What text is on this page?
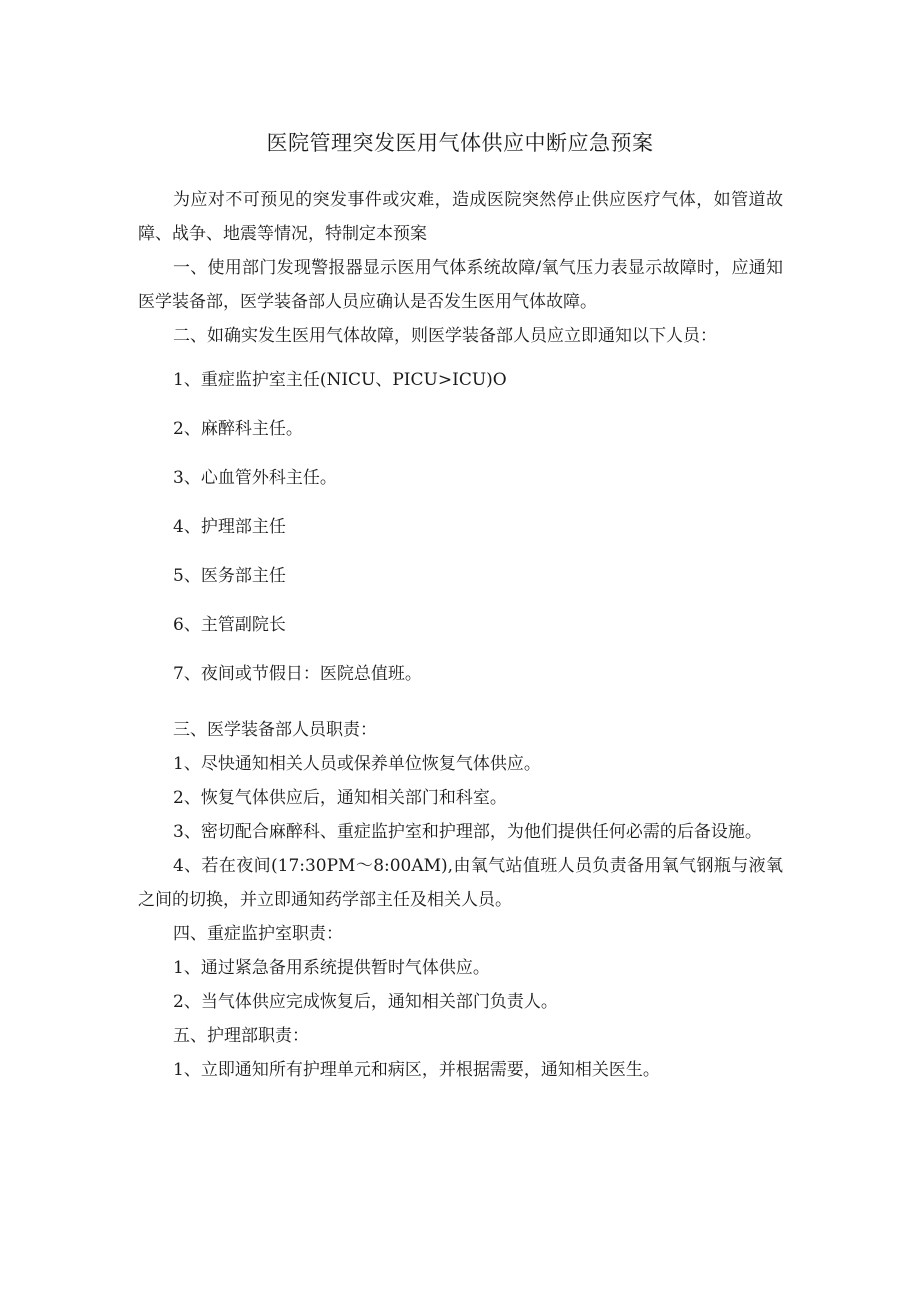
医院管理突发医用气体供应中断应急预案

为应对不可预见的突发事件或灾难，造成医院突然停止供应医疗气体，如管道故障、战争、地震等情况，特制定本预案

一、使用部门发现警报器显示医用气体系统故障/氧气压力表显示故障时，应通知医学装备部，医学装备部人员应确认是否发生医用气体故障。

二、如确实发生医用气体故障，则医学装备部人员应立即通知以下人员：

1、重症监护室主任(NICU、PICU>ICU)O

2、麻醉科主任。

3、心血管外科主任。

4、护理部主任

5、医务部主任

6、主管副院长

7、夜间或节假日：医院总值班。

三、医学装备部人员职责：

1、尽快通知相关人员或保养单位恢复气体供应。

2、恢复气体供应后，通知相关部门和科室。

3、密切配合麻醉科、重症监护室和护理部，为他们提供任何必需的后备设施。

4、若在夜间(17:30PM～8:00AM),由氧气站值班人员负责备用氧气钢瓶与液氧之间的切换，并立即通知药学部主任及相关人员。

四、重症监护室职责：

1、通过紧急备用系统提供暂时气体供应。

2、当气体供应完成恢复后，通知相关部门负责人。

五、护理部职责：

1、立即通知所有护理单元和病区，并根据需要，通知相关医生。
